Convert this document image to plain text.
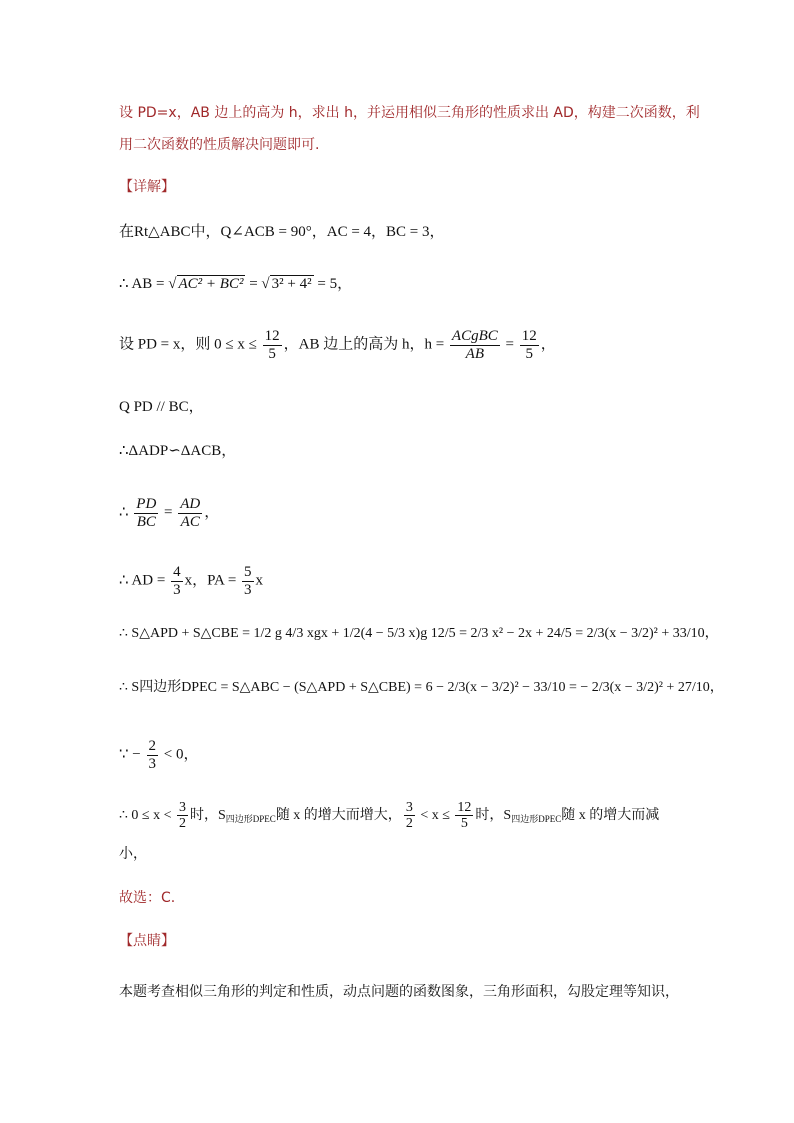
设 PD=x，AB 边上的高为 h，求出 h，并运用相似三角形的性质求出 AD，构建二次函数，利
用二次函数的性质解决问题即可.
【详解】
在Rt△ABC中，Q∠ACB = 90°，AC = 4，BC = 3，
∴ AB = √ AC² + BC² = √ 3² + 4² = 5，
设 PD = x，则 $0 \le x \le \frac{12}{5}$ ，AB 边上的高为 h，$h = \frac{\text{ACgBC}}{AB} = \frac{12}{5}$ ，
Q PD // BC，
∴ΔADP∽ΔACB，
∴ $\frac{PD}{BC} = \frac{AD}{AC}$ ，
∴ AD = $\frac{4}{3}$ x，PA = $\frac{5}{3}$ x
∴ S△APD + S△CBE = 1/2 g 4/3 xgx + 1/2(4 − 5/3 x)g 12/5 = 2/3 x² − 2x + 24/5 = 2/3(x − 3/2)² + 33/10，
∴ S四边形DPEC = S△ABC − (S△APD + S△CBE) = 6 − 2/3(x − 3/2)² − 33/10 = − 2/3(x − 3/2)² + 27/10，
∵ − $\frac{2}{3} < 0$，
∴ $0 \le x < \frac{3}{2}$ 时，$S_{四边形DPEC}$随 x 的增大而增大， $\frac{3}{2} < x \le \frac{12}{5}$ 时，$S_{四边形DPEC}$随 x 的增大而减
小，
故选：C.
【点睛】
本题考查相似三角形的判定和性质，动点问题的函数图象，三角形面积，勾股定理等知识，
